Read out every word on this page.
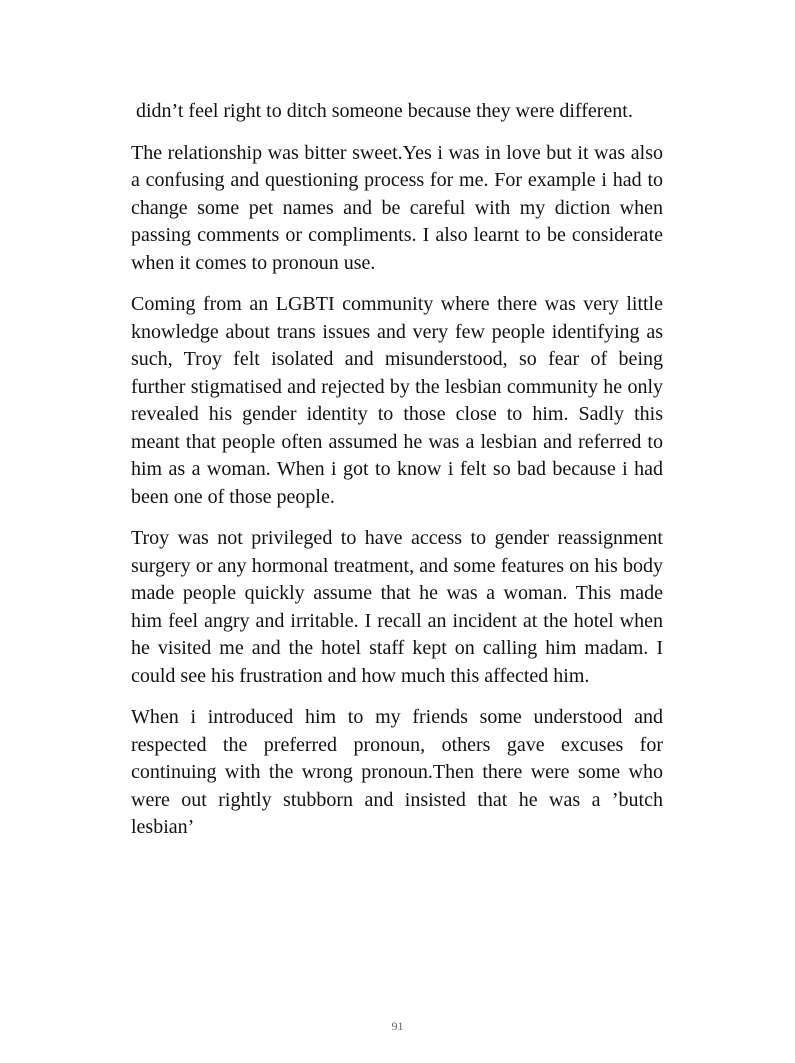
didn’t feel right to ditch someone because they were different.

The relationship was bitter sweet.Yes i was in love but it was also a confusing and questioning process for me. For example i had to change some pet names and be careful with my diction when passing comments or compliments. I also learnt to be considerate when it comes to pronoun use.

Coming from an LGBTI community where there was very little knowledge about trans issues and very few people identifying as such, Troy felt isolated and misunderstood, so fear of being further stigmatised and rejected by the lesbian community he only revealed his gender identity to those close to him. Sadly this meant that people often assumed he was a lesbian and referred to him as a woman. When i got to know i felt so bad because i had been one of those people.

Troy was not privileged to have access to gender reassignment surgery or any hormonal treatment, and some features on his body made people quickly assume that he was a woman. This made him feel angry and irritable. I recall an incident at the hotel when he visited me and the hotel staff kept on calling him madam. I could see his frustration and how much this affected him.

When i introduced him to my friends some understood and respected the preferred pronoun, others gave excuses for continuing with the wrong pronoun.Then there were some who were out rightly stubborn and insisted that he was a ’butch lesbian’

91
